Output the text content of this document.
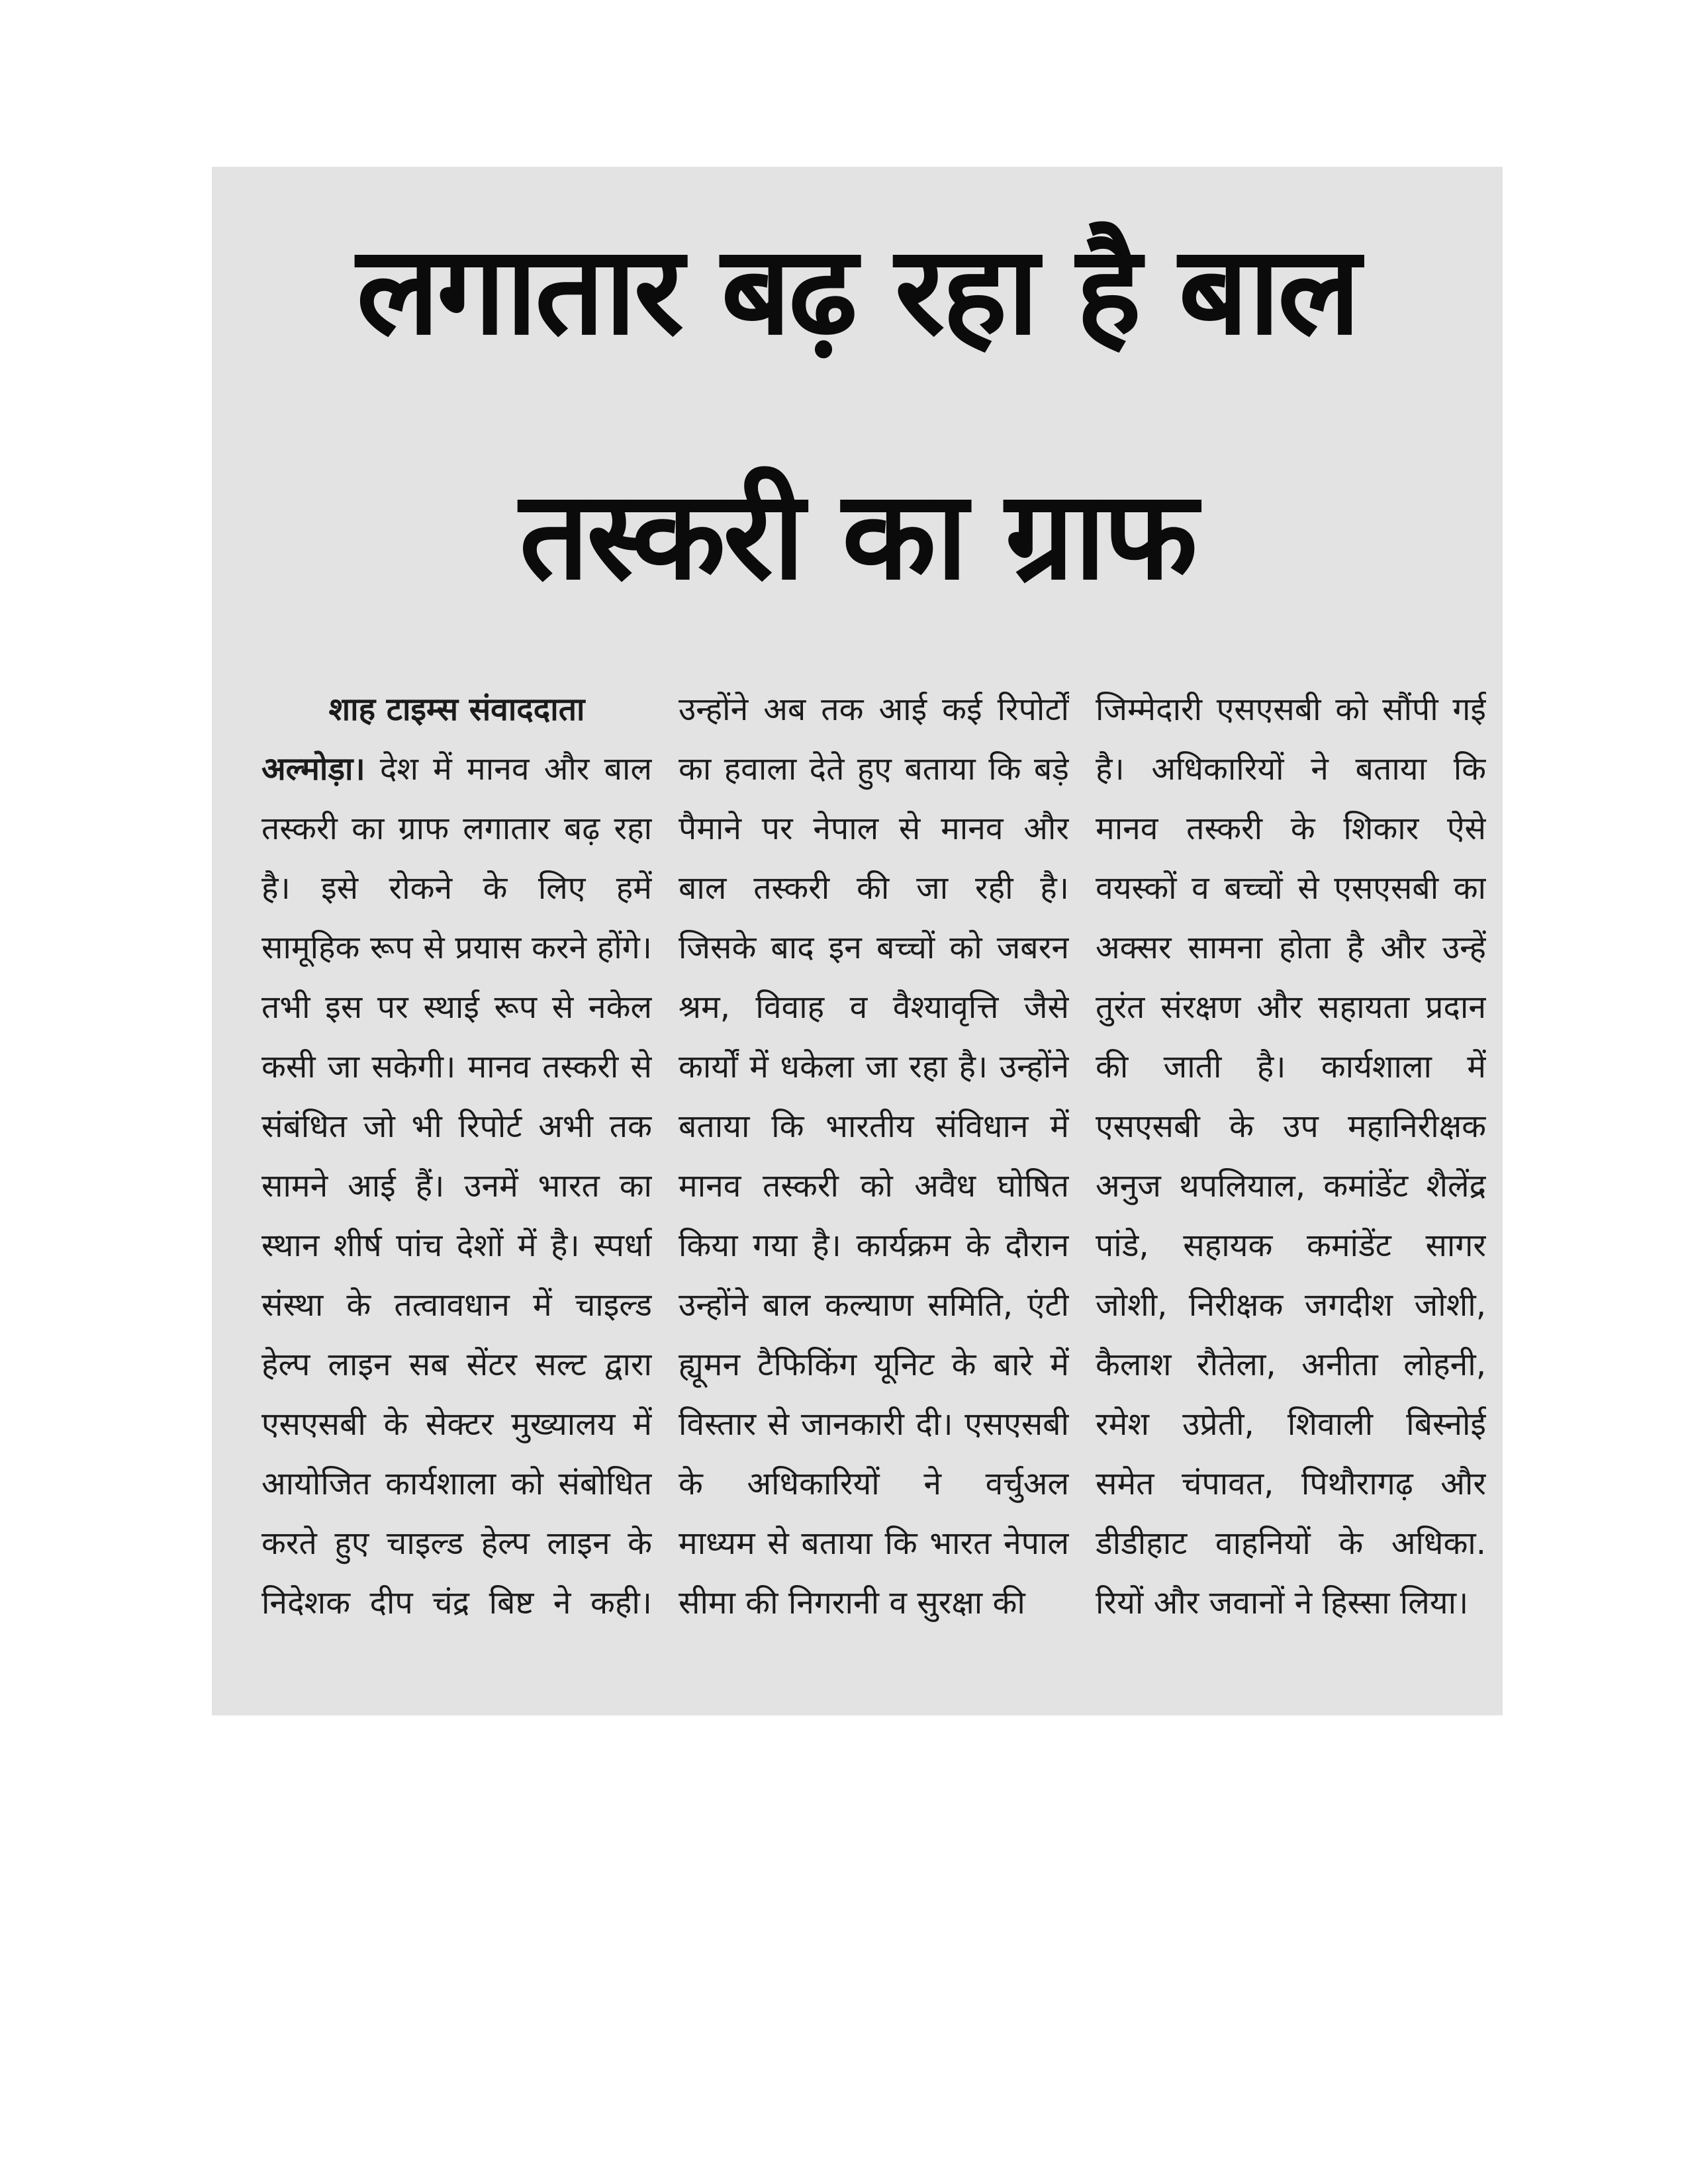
लगातार बढ़ रहा है बाल
तस्करी का ग्राफ
शाह टाइम्स संवाददाता
अल्मोड़ा। देश में मानव और बाल
तस्करी का ग्राफ लगातार बढ़ रहा
है। इसे रोकने के लिए हमें
सामूहिक रूप से प्रयास करने होंगे।
तभी इस पर स्थाई रूप से नकेल
कसी जा सकेगी। मानव तस्करी से
संबंधित जो भी रिपोर्ट अभी तक
सामने आई हैं। उनमें भारत का
स्थान शीर्ष पांच देशों में है। स्पर्धा
संस्था के तत्वावधान में चाइल्ड
हेल्प लाइन सब सेंटर सल्ट द्वारा
एसएसबी के सेक्टर मुख्यालय में
आयोजित कार्यशाला को संबोधित
करते हुए चाइल्ड हेल्प लाइन के
निदेशक दीप चंद्र बिष्ट ने कही।
उन्होंने अब तक आई कई रिपोर्टों
का हवाला देते हुए बताया कि बड़े
पैमाने पर नेपाल से मानव और
बाल तस्करी की जा रही है।
जिसके बाद इन बच्चों को जबरन
श्रम, विवाह व वैश्यावृत्ति जैसे
कार्यों में धकेला जा रहा है। उन्होंने
बताया कि भारतीय संविधान में
मानव तस्करी को अवैध घोषित
किया गया है। कार्यक्रम के दौरान
उन्होंने बाल कल्याण समिति, एंटी
ह्यूमन टैफिकिंग यूनिट के बारे में
विस्तार से जानकारी दी। एसएसबी
के अधिकारियों ने वर्चुअल
माध्यम से बताया कि भारत नेपाल
सीमा की निगरानी व सुरक्षा की
जिम्मेदारी एसएसबी को सौंपी गई
है। अधिकारियों ने बताया कि
मानव तस्करी के शिकार ऐसे
वयस्कों व बच्चों से एसएसबी का
अक्सर सामना होता है और उन्हें
तुरंत संरक्षण और सहायता प्रदान
की जाती है। कार्यशाला में
एसएसबी के उप महानिरीक्षक
अनुज थपलियाल, कमांडेंट शैलेंद्र
पांडे, सहायक कमांडेंट सागर
जोशी, निरीक्षक जगदीश जोशी,
कैलाश रौतेला, अनीता लोहनी,
रमेश उप्रेती, शिवाली बिस्नोई
समेत चंपावत, पिथौरागढ़ और
डीडीहाट वाहनियों के अधिका.
रियों और जवानों ने हिस्सा लिया।
